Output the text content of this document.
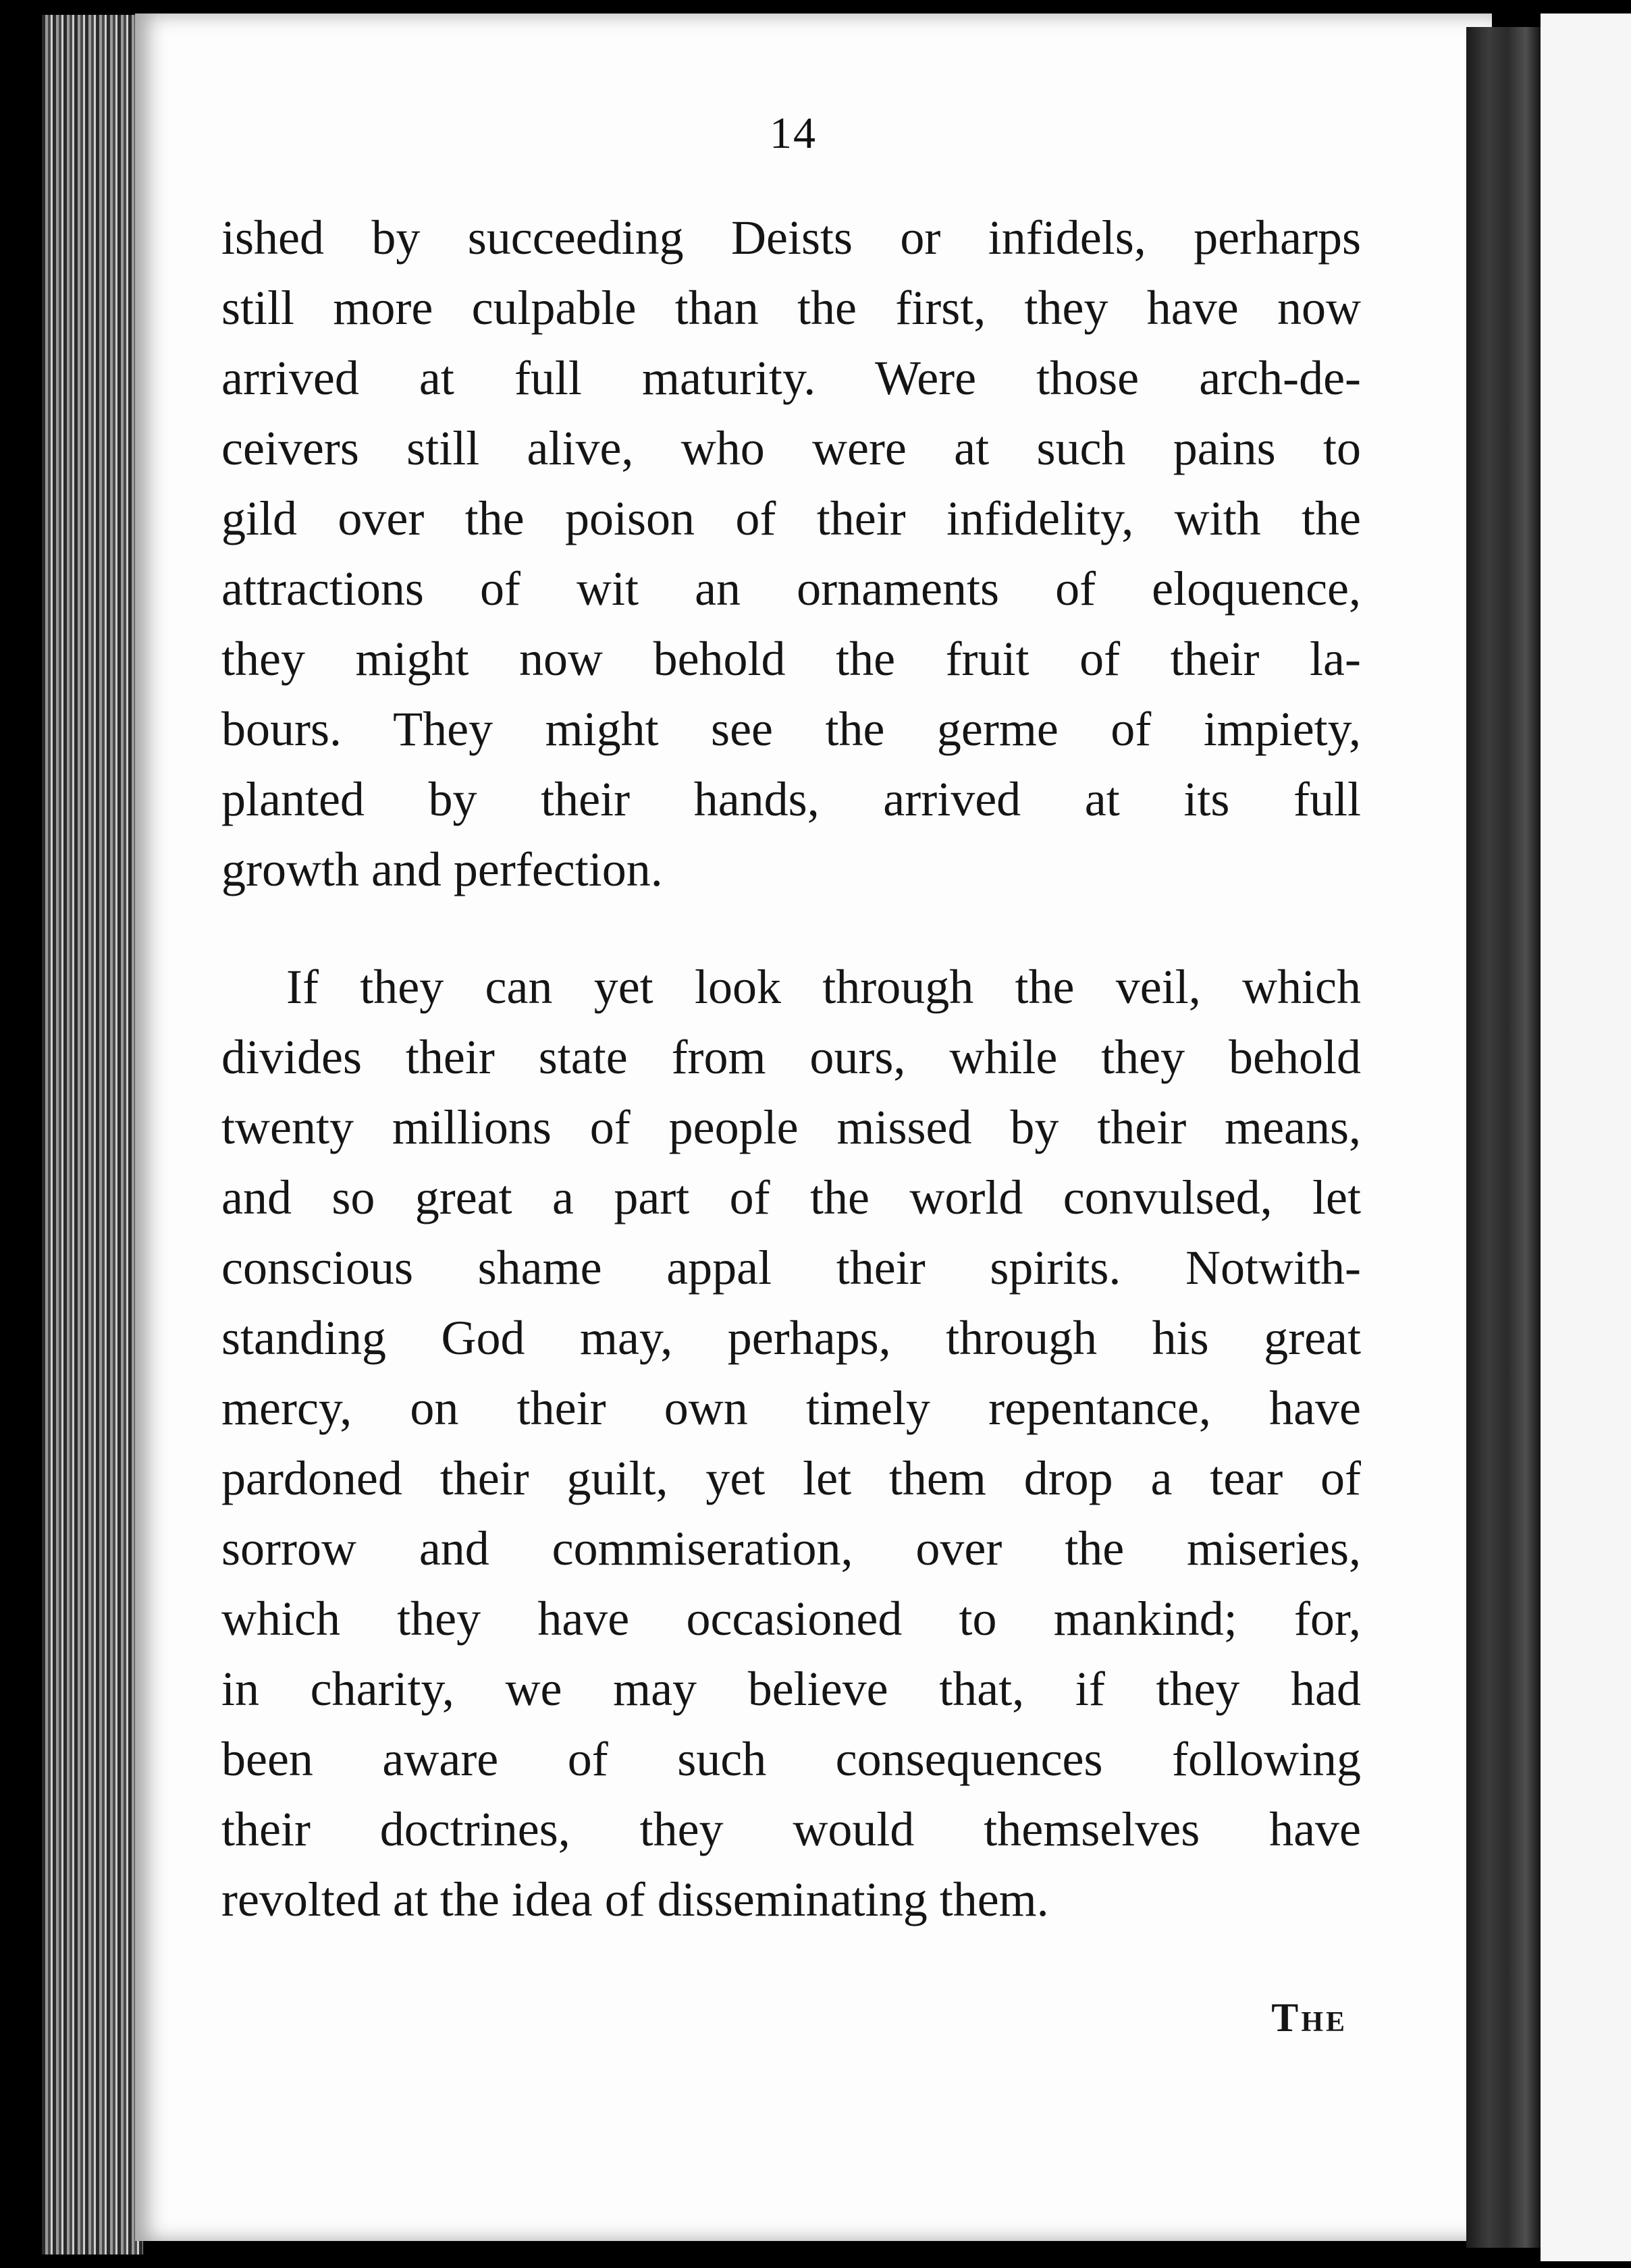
14
ished by succeeding Deists or infidels, perharps
still more culpable than the first, they have now
arrived at full maturity. Were those arch-de-
ceivers still alive, who were at such pains to
gild over the poison of their infidelity, with the
attractions of wit an ornaments of eloquence,
they might now behold the fruit of their la-
bours. They might see the germe of impiety,
planted by their hands, arrived at its full
growth and perfection.
If they can yet look through the veil, which
divides their state from ours, while they behold
twenty millions of people missed by their means,
and so great a part of the world convulsed, let
conscious shame appal their spirits. Notwith-
standing God may, perhaps, through his great
mercy, on their own timely repentance, have
pardoned their guilt, yet let them drop a tear of
sorrow and commiseration, over the miseries,
which they have occasioned to mankind; for,
in charity, we may believe that, if they had
been aware of such consequences following
their doctrines, they would themselves have
revolted at the idea of disseminating them.
The
